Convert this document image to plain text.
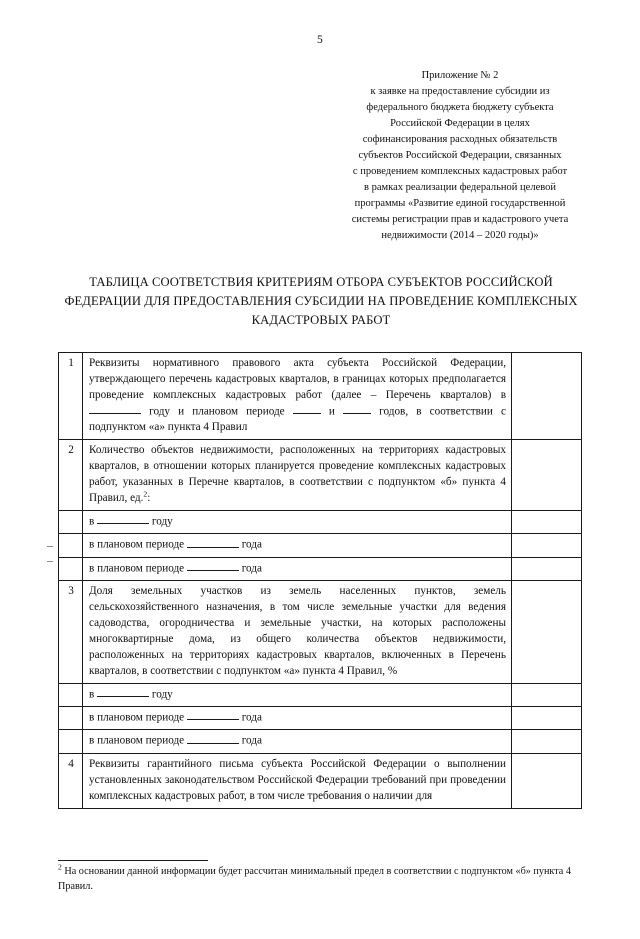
5
Приложение № 2
к заявке на предоставление субсидии из
федерального бюджета бюджету субъекта
Российской Федерации в целях
софинансирования расходных обязательств
субъектов Российской Федерации, связанных
с проведением комплексных кадастровых работ
в рамках реализации федеральной целевой
программы «Развитие единой государственной
системы регистрации прав и кадастрового учета
недвижимости (2014 – 2020 годы)»
ТАБЛИЦА СООТВЕТСТВИЯ КРИТЕРИЯМ ОТБОРА СУБЪЕКТОВ РОССИЙСКОЙ ФЕДЕРАЦИИ ДЛЯ ПРЕДОСТАВЛЕНИЯ СУБСИДИИ НА ПРОВЕДЕНИЕ КОМПЛЕКСНЫХ КАДАСТРОВЫХ РАБОТ
1	Реквизиты нормативного правового акта субъекта Российской Федерации, утверждающего перечень кадастровых кварталов, в границах которых предполагается проведение комплексных кадастровых работ (далее – Перечень кварталов) в  году и плановом периоде и годов, в соответствии с подпунктом «а» пункта 4 Правил	
2	Количество объектов недвижимости, расположенных на территориях кадастровых кварталов, в отношении которых планируется проведение комплексных кадастровых работ, указанных в Перечне кварталов, в соответствии с подпунктом «б» пункта 4 Правил, ед.$^2$:	
	в году	
	в плановом периоде года	
	в плановом периоде года	
3	Доля земельных участков из земель населенных пунктов, земель сельскохозяйственного назначения, в том числе земельные участки для ведения садоводства, огородничества и земельные участки, на которых расположены многоквартирные дома, из общего количества объектов недвижимости, расположенных на территориях кадастровых кварталов, включенных в Перечень кварталов, в соответствии с подпунктом «а» пункта 4 Правил, %	
	в году	
	в плановом периоде года	
	в плановом периоде года	
4	Реквизиты гарантийного письма субъекта Российской Федерации о выполнении установленных законодательством Российской Федерации требований при проведении комплексных кадастровых работ, в том числе требования о наличии для	
$^2$ На основании данной информации будет рассчитан минимальный предел в соответствии с подпунктом «б» пункта 4 Правил.
